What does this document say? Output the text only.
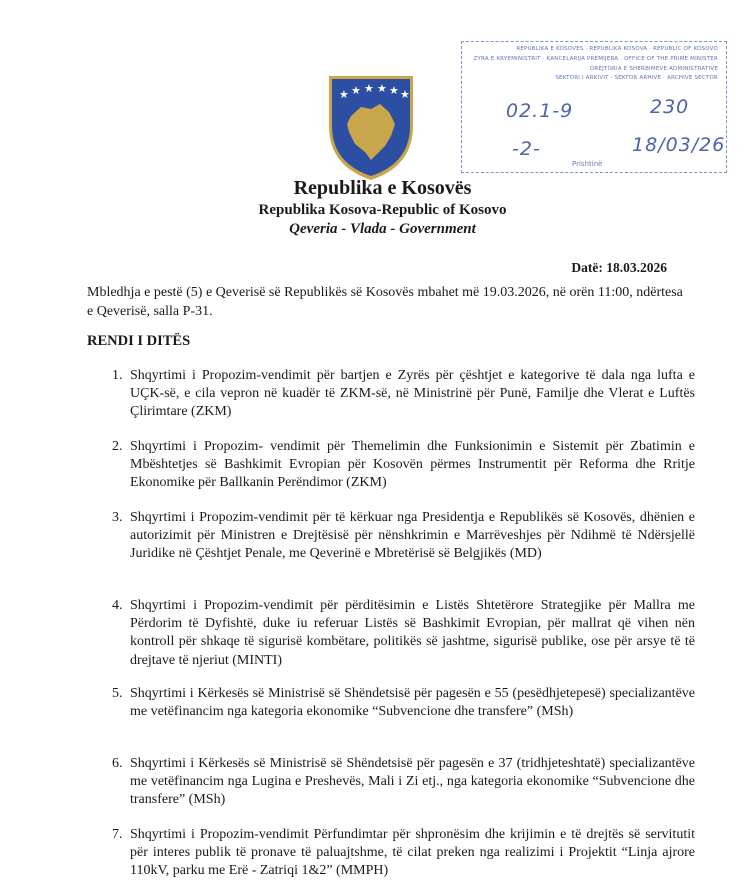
★ ★ ★ ★ ★ ★
REPUBLIKA E KOSOVËS · REPUBLIKA KOSOVA · REPUBLIC OF KOSOVO
ZYRA E KRYEMINISTRIT · KANCELARIJA PREMIJERA · OFFICE OF THE PRIME MINISTER
DREJTORIA E SHËRBIMEVE ADMINISTRATIVE
SEKTORI I ARKIVIT · SEKTOR ARHIVE · ARCHIVE SECTOR
02.1-9	230
-2-	18/03/26
Prishtinë
Republika e Kosovës
Republika Kosova-Republic of Kosovo
Qeveria - Vlada - Government
Datë: 18.03.2026
Mbledhja e pestë (5) e Qeverisë së Republikës së Kosovës mbahet më 19.03.2026, në orën 11:00, ndërtesa e Qeverisë, salla P-31.
RENDI I DITËS
1. Shqyrtimi i Propozim-vendimit për bartjen e Zyrës për çështjet e kategorive të dala nga lufta e UÇK-së, e cila vepron në kuadër të ZKM-së, në Ministrinë për Punë, Familje dhe Vlerat e Luftës Çlirimtare (ZKM)
2. Shqyrtimi i Propozim- vendimit për Themelimin dhe Funksionimin e Sistemit për Zbatimin e Mbështetjes së Bashkimit Evropian për Kosovën përmes Instrumentit për Reforma dhe Rritje Ekonomike për Ballkanin Perëndimor (ZKM)
3. Shqyrtimi i Propozim-vendimit për të kërkuar nga Presidentja e Republikës së Kosovës, dhënien e autorizimit për Ministren e Drejtësisë për nënshkrimin e Marrëveshjes për Ndihmë të Ndërsjellë Juridike në Çështjet Penale, me Qeverinë e Mbretërisë së Belgjikës (MD)
4. Shqyrtimi i Propozim-vendimit për përditësimin e Listës Shtetërore Strategjike për Mallra me Përdorim të Dyfishtë, duke iu referuar Listës së Bashkimit Evropian, për mallrat që vihen nën kontroll për shkaqe të sigurisë kombëtare, politikës së jashtme, sigurisë publike, ose për arsye të të drejtave të njeriut (MINTI)
5. Shqyrtimi i Kërkesës së Ministrisë së Shëndetsisë për pagesën e 55 (pesëdhjetepesë) specializantëve me vetëfinancim nga kategoria ekonomike “Subvencione dhe transfere” (MSh)
6. Shqyrtimi i Kërkesës së Ministrisë së Shëndetsisë për pagesën e 37 (tridhjeteshtatë) specializantëve me vetëfinancim nga Lugina e Preshevës, Mali i Zi etj., nga kategoria ekonomike “Subvencione dhe transfere” (MSh)
7. Shqyrtimi i Propozim-vendimit Përfundimtar për shpronësim dhe krijimin e të drejtës së servitutit për interes publik të pronave të paluajtshme, të cilat preken nga realizimi i Projektit “Linja ajrore 110kV, parku me Erë - Zatriqi 1&2” (MMPH)
